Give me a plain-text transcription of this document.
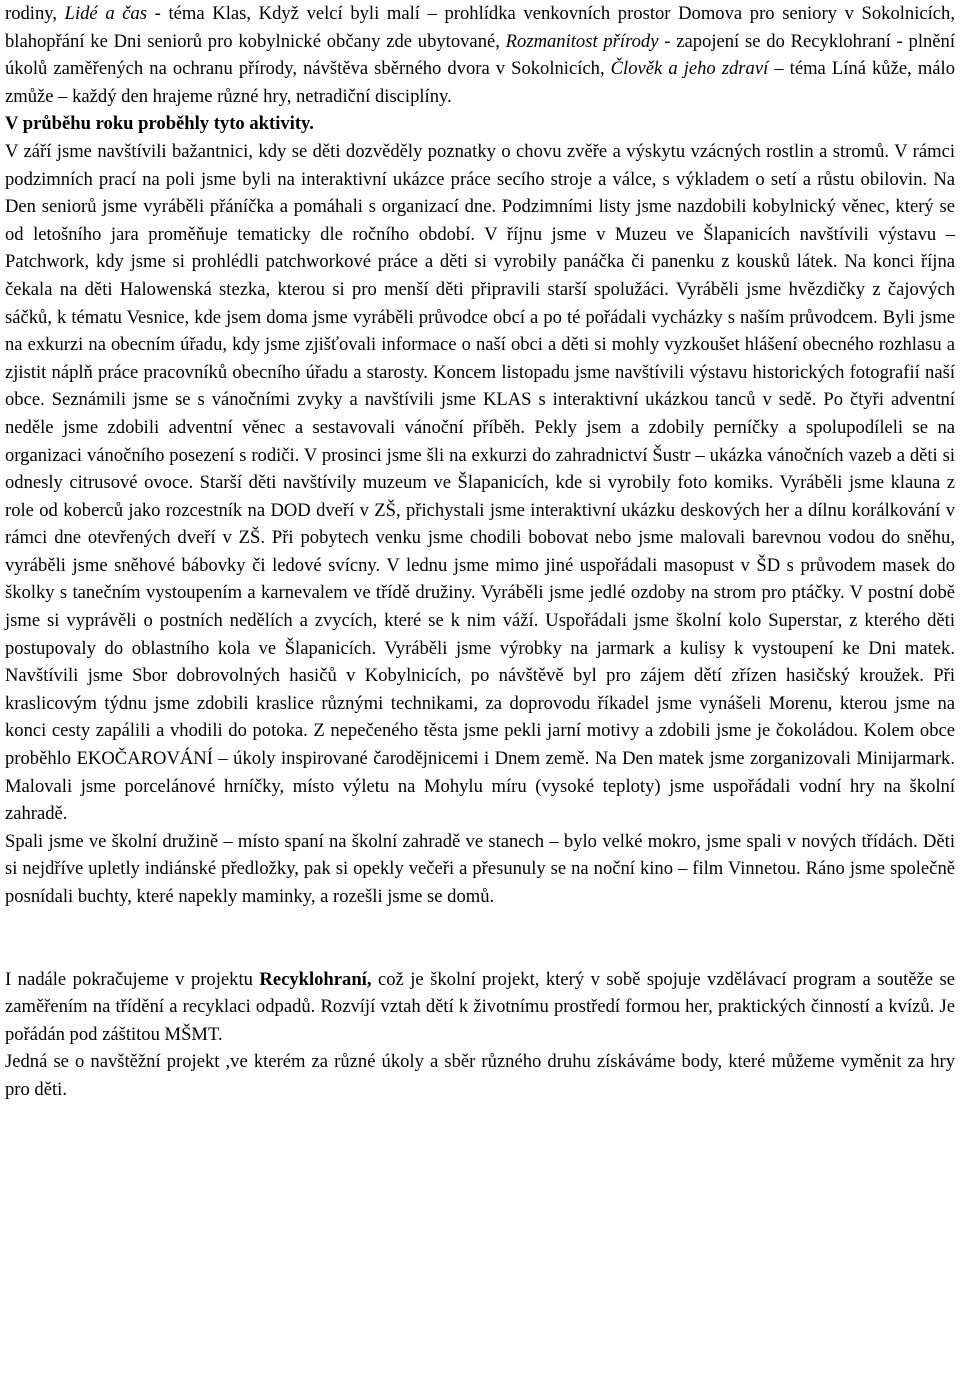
rodiny, Lidé a čas - téma Klas, Když velcí byli malí – prohlídka venkovních prostor Domova pro seniory v Sokolnicích, blahopřání ke Dni seniorů pro kobylnické občany zde ubytované, Rozmanitost přírody - zapojení se do Recyklohraní - plnění úkolů zaměřených na ochranu přírody, návštěva sběrného dvora v Sokolnicích, Člověk a jeho zdraví – téma Líná kůže, málo zmůže – každý den hrajeme různé hry, netradiční disciplíny.

V průběhu roku proběhly tyto aktivity.

V září jsme navštívili bažantnici, kdy se děti dozvěděly poznatky o chovu zvěře a výskytu vzácných rostlin a stromů. V rámci podzimních prací na poli jsme byli na interaktivní ukázce práce secího stroje a válce, s výkladem o setí a růstu obilovin. Na Den seniorů jsme vyráběli přáníčka a pomáhali s organizací dne. Podzimními listy jsme nazdobili kobylnický věnec, který se od letošního jara proměňuje tematicky dle ročního období. V říjnu jsme v Muzeu ve Šlapanicích navštívili výstavu – Patchwork, kdy jsme si prohlédli patchworkové práce a děti si vyrobily panáčka či panenku z kousků látek. Na konci října čekala na děti Halowenská stezka, kterou si pro menší děti připravili starší spolužáci. Vyráběli jsme hvězdičky z čajových sáčků, k tématu Vesnice, kde jsem doma jsme vyráběli průvodce obcí a po té pořádali vycházky s naším průvodcem. Byli jsme na exkurzi na obecním úřadu, kdy jsme zjišťovali informace o naší obci a děti si mohly vyzkoušet hlášení obecného rozhlasu a zjistit náplň práce pracovníků obecního úřadu a starosty. Koncem listopadu jsme navštívili výstavu historických fotografií naší obce. Seznámili jsme se s vánočními zvyky a navštívili jsme KLAS s interaktivní ukázkou tanců v sedě. Po čtyři adventní neděle jsme zdobili adventní věnec a sestavovali vánoční příběh. Pekly jsem a zdobily perníčky a spolupodíleli se na organizaci vánočního posezení s rodiči. V prosinci jsme šli na exkurzi do zahradnictví Šustr – ukázka vánočních vazeb a děti si odnesly citrusové ovoce. Starší děti navštívily muzeum ve Šlapanicích, kde si vyrobily foto komiks. Vyráběli jsme klauna z role od koberců jako rozcestník na DOD dveří v ZŠ, přichystali jsme interaktivní ukázku deskových her a dílnu korálkování v rámci dne otevřených dveří v ZŠ. Při pobytech venku jsme chodili bobovat nebo jsme malovali barevnou vodou do sněhu, vyráběli jsme sněhové bábovky či ledové svícny. V lednu jsme mimo jiné uspořádali masopust v ŠD s průvodem masek do školky s tanečním vystoupením a karnevalem ve třídě družiny. Vyráběli jsme jedlé ozdoby na strom pro ptáčky. V postní době jsme si vyprávěli o postních nedělích a zvycích, které se k nim váží. Uspořádali jsme školní kolo Superstar, z kterého děti postupovaly do oblastního kola ve Šlapanicích. Vyráběli jsme výrobky na jarmark a kulisy k vystoupení ke Dni matek. Navštívili jsme Sbor dobrovolných hasičů v Kobylnicích, po návštěvě byl pro zájem dětí zřízen hasičský kroužek. Při kraslicovým týdnu jsme zdobili kraslice různými technikami, za doprovodu říkadel jsme vynášeli Morenu, kterou jsme na konci cesty zapálili a vhodili do potoka. Z nepečeného těsta jsme pekli jarní motivy a zdobili jsme je čokoládou. Kolem obce proběhlo EKOČAROVÁNÍ – úkoly inspirované čarodějnicemi i Dnem země. Na Den matek jsme zorganizovali Minijarmark. Malovali jsme porcelánové hrníčky, místo výletu na Mohylu míru (vysoké teploty) jsme uspořádali vodní hry na školní zahradě.

Spali jsme ve školní družině – místo spaní na školní zahradě ve stanech – bylo velké mokro, jsme spali v nových třídách. Děti si nejdříve upletly indiánské předložky, pak si opekly večeři a přesunuly se na noční kino – film Vinnetou. Ráno jsme společně posnídali buchty, které napekly maminky, a rozešli jsme se domů.

I nadále pokračujeme v projektu Recyklohraní, což je školní projekt, který v sobě spojuje vzdělávací program a soutěže se zaměřením na třídění a recyklaci odpadů. Rozvíjí vztah dětí k životnímu prostředí formou her, praktických činností a kvízů. Je pořádán pod záštitou MŠMT.

Jedná se o navštěžní projekt ,ve kterém za různé úkoly a sběr různého druhu získáváme body, které můžeme vyměnit za hry pro děti.
